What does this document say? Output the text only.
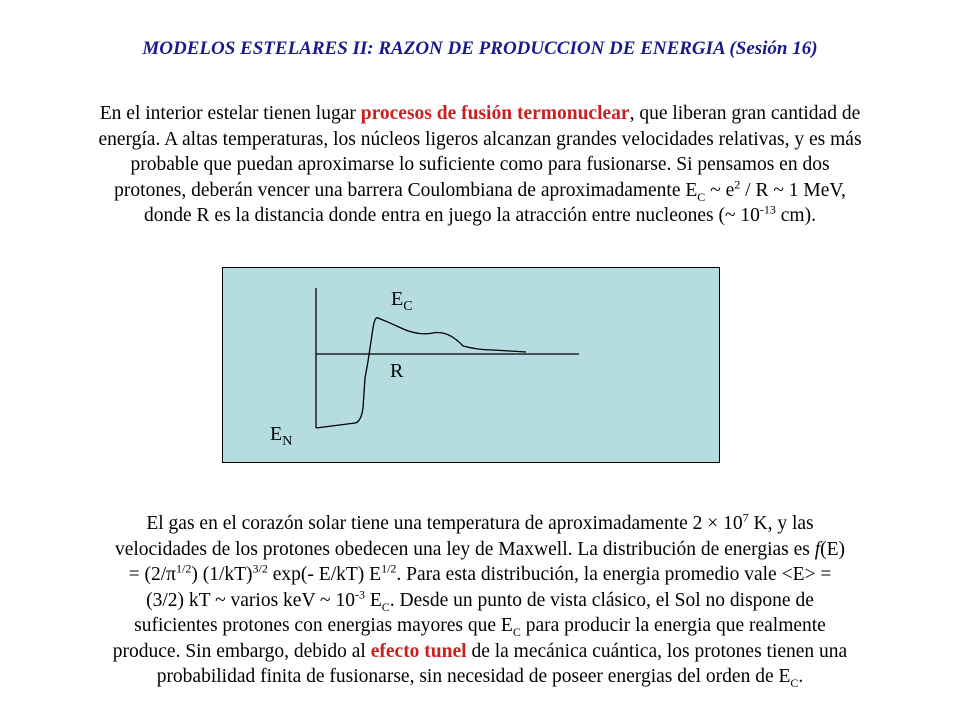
MODELOS ESTELARES II: RAZON DE PRODUCCION DE ENERGIA (Sesión 16)
En el interior estelar tienen lugar procesos de fusión termonuclear, que liberan gran cantidad de
energía. A altas temperaturas, los núcleos ligeros alcanzan grandes velocidades relativas, y es más
probable que puedan aproximarse lo suficiente como para fusionarse. Si pensamos en dos
protones, deberán vencer una barrera Coulombiana de aproximadamente $E_C$ ~ $e^2$ / R ~ 1 MeV,
donde R es la distancia donde entra en juego la atracción entre nucleones (~ $10^{-13}$ cm).
$E_C$
R
$E_N$
El gas en el corazón solar tiene una temperatura de aproximadamente $2 \times 10^7$ K, y las
velocidades de los protones obedecen una ley de Maxwell. La distribución de energias es f(E)
= $(2/\pi^{1/2})$ $(1/kT)^{3/2}$ exp(- E/kT) $E^{1/2}$. Para esta distribución, la energia promedio vale <E> =
(3/2) kT ~ varios keV ~ $10^{-3}$ $E_C$. Desde un punto de vista clásico, el Sol no dispone de
suficientes protones con energias mayores que $E_C$ para producir la energia que realmente
produce. Sin embargo, debido al efecto tunel de la mecánica cuántica, los protones tienen una
probabilidad finita de fusionarse, sin necesidad de poseer energias del orden de $E_C$.
